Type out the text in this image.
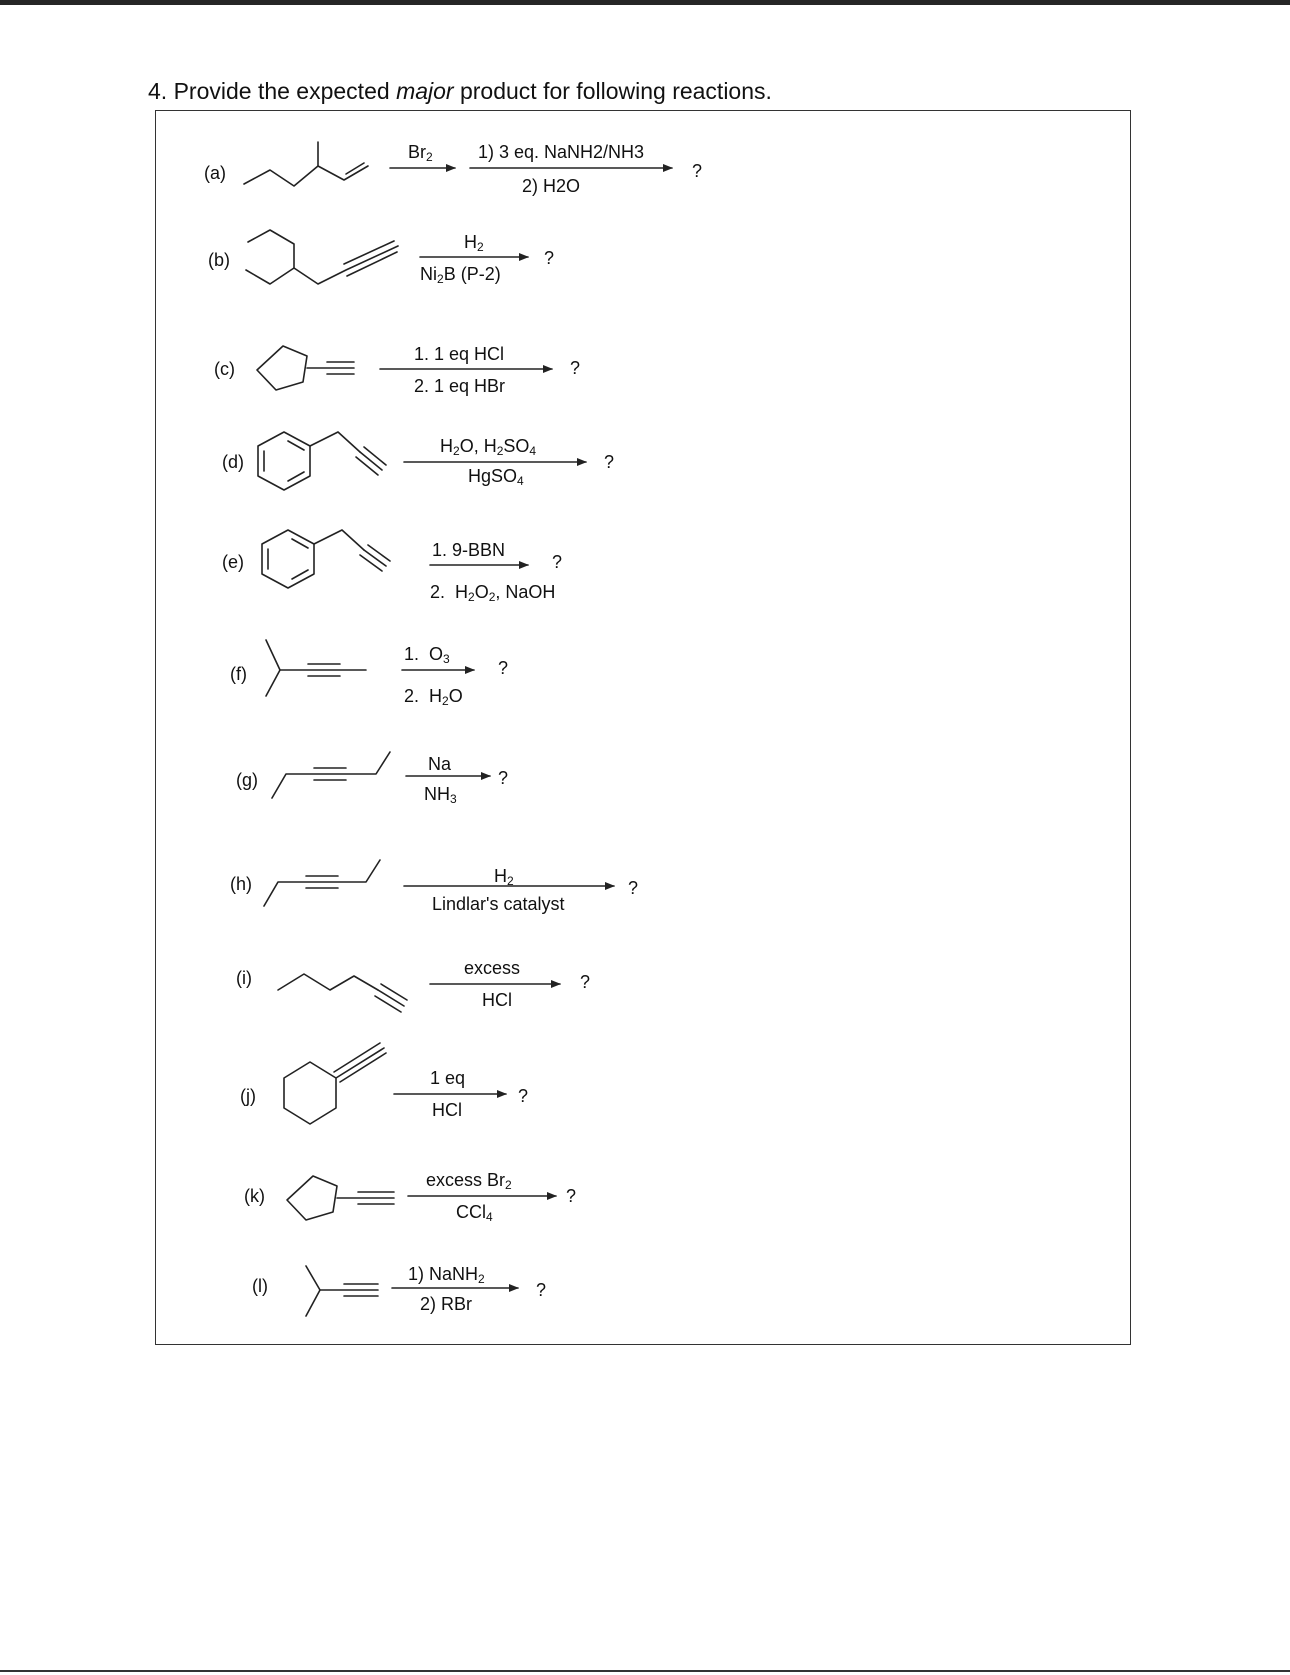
4. Provide the expected major product for following reactions.
(a)
$Br_2$	1) 3 eq. NaNH2/NH3
2) H2O
?
(b)
$H_2$
$Ni_2B$ (P-2)
?
(c)
1. 1 eq HCl
2. 1 eq HBr
?
(d)
$H_2O$, $H_2SO_4$
HgSO$_4$
?
(e)
1. 9-BBN
2.  $H_2O_2$, NaOH
?
(f)
1.  $O_3$
2.  $H_2O$
?
(g)
Na
$NH_3$
?
(h)	$H_2$
Lindlar's catalyst
?
(i)	excess
HCl
?
(j)
1 eq
HCl
?
(k)
excess $Br_2$
CCl$_4$
?
(l)
1) NaNH$_2$
2) RBr
?
